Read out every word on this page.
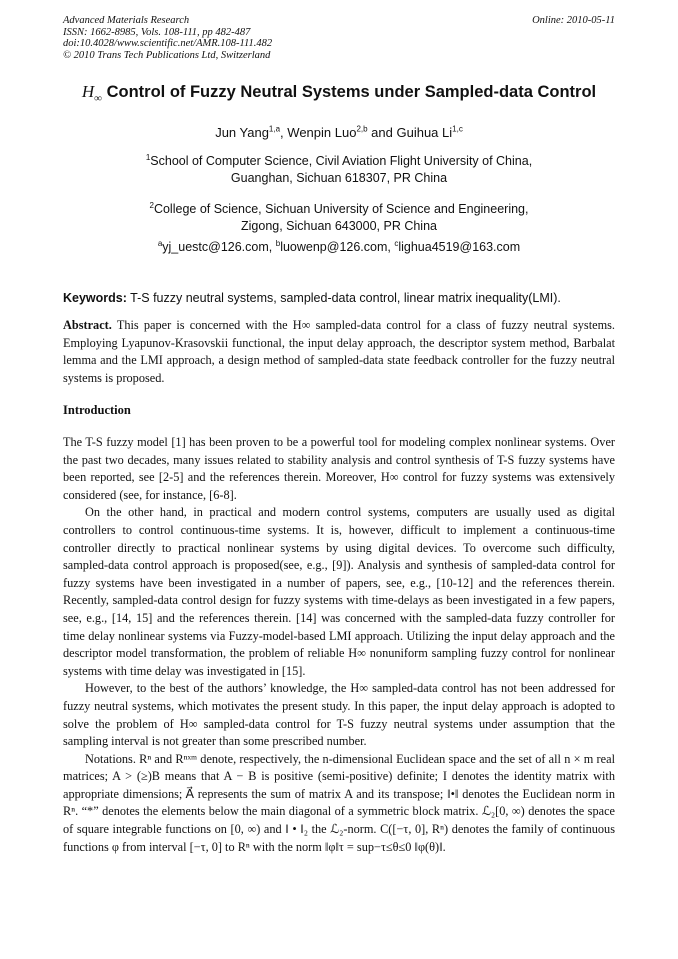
Advanced Materials Research
ISSN: 1662-8985, Vols. 108-111, pp 482-487
doi:10.4028/www.scientific.net/AMR.108-111.482
© 2010 Trans Tech Publications Ltd, Switzerland
Online: 2010-05-11
$H_\infty$ Control of Fuzzy Neutral Systems under Sampled-data Control
Jun Yang$^{1,a}$, Wenpin Luo$^{2,b}$ and Guihua Li$^{1,c}$
$^1$School of Computer Science, Civil Aviation Flight University of China,
Guanghan, Sichuan 618307, PR China
$^2$College of Science, Sichuan University of Science and Engineering,
Zigong, Sichuan 643000, PR China
$^a$yj_uestc@126.com, $^b$luowenp@126.com, $^c$lighua4519@163.com
Keywords: T-S fuzzy neutral systems, sampled-data control, linear matrix inequality(LMI).
Abstract. This paper is concerned with the H∞ sampled-data control for a class of fuzzy neutral systems. Employing Lyapunov-Krasovskii functional, the input delay approach, the descriptor system method, Barbalat lemma and the LMI approach, a design method of sampled-data state feedback controller for the fuzzy neutral systems is proposed.
Introduction

The T-S fuzzy model [1] has been proven to be a powerful tool for modeling complex nonlinear systems. Over the past two decades, many issues related to stability analysis and control synthesis of T-S fuzzy systems have been reported, see [2-5] and the references therein. Moreover, H∞ control for fuzzy systems was extensively considered (see, for instance, [6-8].

On the other hand, in practical and modern control systems, computers are usually used as digital controllers to control continuous-time systems. It is, however, difficult to implement a continuous-time controller directly to practical nonlinear systems by using digital devices. To overcome such difficulty, sampled-data control approach is proposed(see, e.g., [9]). Analysis and synthesis of sampled-data control for fuzzy systems have been investigated in a number of papers, see, e.g., [10-12] and the references therein. Recently, sampled-data control design for fuzzy systems with time-delays as been investigated in a few papers, see, e.g., [14, 15] and the references therein. [14] was concerned with the sampled-data fuzzy controller for time delay nonlinear systems via Fuzzy-model-based LMI approach. Utilizing the input delay approach and the descriptor model transformation, the problem of reliable H∞ nonuniform sampling fuzzy control for nonlinear systems with time delay was investigated in [15].

However, to the best of the authors’ knowledge, the H∞ sampled-data control has not been addressed for fuzzy neutral systems, which motivates the present study. In this paper, the input delay approach is adopted to solve the problem of H∞ sampled-data control for T-S fuzzy neutral systems under assumption that the sampling interval is not greater than some prescribed number.

Notations. Rⁿ and Rⁿˣᵐ denote, respectively, the n-dimensional Euclidean space and the set of all n × m real matrices; A > (≥)B means that A − B is positive (semi-positive) definite; I denotes the identity matrix with appropriate dimensions; A⃗ represents the sum of matrix A and its transpose; ‖•‖ denotes the Euclidean norm in Rⁿ. “*” denotes the elements below the main diagonal of a symmetric block matrix. ℒ₂[0, ∞) denotes the space of square integrable functions on [0, ∞) and ‖ • ‖₂ the ℒ₂-norm. C([−τ, 0], Rⁿ) denotes the family of continuous functions φ from interval [−τ, 0] to Rⁿ with the norm ‖φ‖τ = sup−τ≤θ≤0 ‖φ(θ)‖.
